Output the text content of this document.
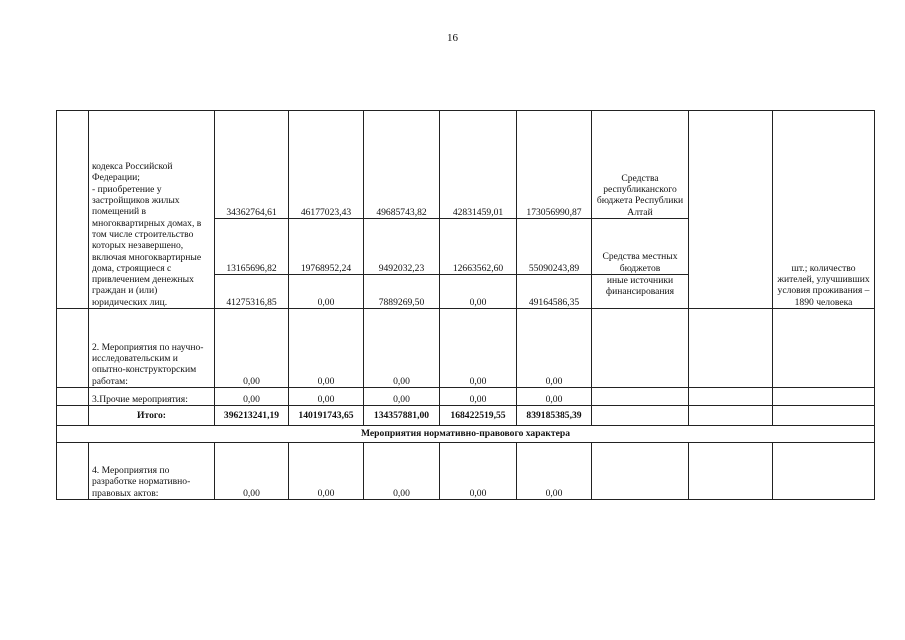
16
	кодекса Российской Федерации;
- приобретение у застройщиков жилых помещений в многоквартирных домах, в том числе строительство которых незавершено, включая многоквартирные дома, строящиеся с привлечением денежных граждан и (или) юридических лиц.	34362764,61	46177023,43	49685743,82	42831459,01	173056990,87	Средства республиканского бюджета Республики Алтай		шт.; количество жителей, улучшивших условия проживания – 1890 человека
		13165696,82	19768952,24	9492032,23	12663562,60	55090243,89	Средства местных бюджетов		
		41275316,85	0,00	7889269,50	0,00	49164586,35	иные источники финансирования		
	2. Мероприятия по научно-исследовательским и опытно-конструкторским работам:	0,00	0,00	0,00	0,00	0,00			
	3.Прочие мероприятия:	0,00	0,00	0,00	0,00	0,00			
	Итого:	396213241,19	140191743,65	134357881,00	168422519,55	839185385,39			
Мероприятия нормативно-правового характера									
	4. Мероприятия по разработке нормативно-правовых актов:	0,00	0,00	0,00	0,00	0,00			
